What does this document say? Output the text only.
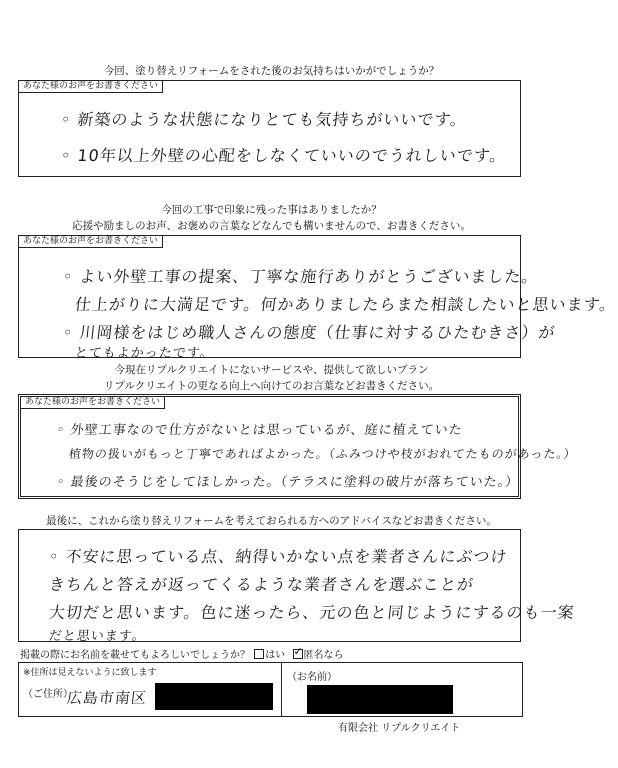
今回、塗り替えリフォームをされた後のお気持ちはいかがでしょうか？
あなた様のお声をお書きください
◦ 新築のような状態になりとても気持ちがいいです。
◦ 10年以上外壁の心配をしなくていいのでうれしいです。
今回の工事で印象に残った事はありましたか？
応援や励ましのお声、お褒めの言葉などなんでも構いませんので、お書きください。
あなた様のお声をお書きください
◦ よい外壁工事の提案、丁寧な施行ありがとうございました。
仕上がりに大満足です。何かありましたらまた相談したいと思います。
◦ 川岡様をはじめ職人さんの態度（仕事に対するひたむきさ）が
とてもよかったです。
今現在リプルクリエイトにないサービスや、提供して欲しいプラン
リプルクリエイトの更なる向上へ向けてのお言葉などお書きください。
あなた様のお声をお書きください
◦ 外壁工事なので仕方がないとは思っているが、庭に植えていた
植物の扱いがもっと丁寧であればよかった。（ふみつけや枝がおれてたものがあった。）
◦ 最後のそうじをしてほしかった。（テラスに塗料の破片が落ちていた。）
最後に、これから塗り替えリフォームを考えておられる方へのアドバイスなどお書きください。
◦ 不安に思っている点、納得いかない点を業者さんにぶつけ
きちんと答えが返ってくるような業者さんを選ぶことが
大切だと思います。色に迷ったら、元の色と同じようにするのも一案
だと思います。
掲載の際にお名前を載せてもよろしいでしょうか？ はい  ✓ 匿名なら
※住所は見えないように致します
（ご住所）
広島市南区
（お名前）
有限会社 リプルクリエイト
